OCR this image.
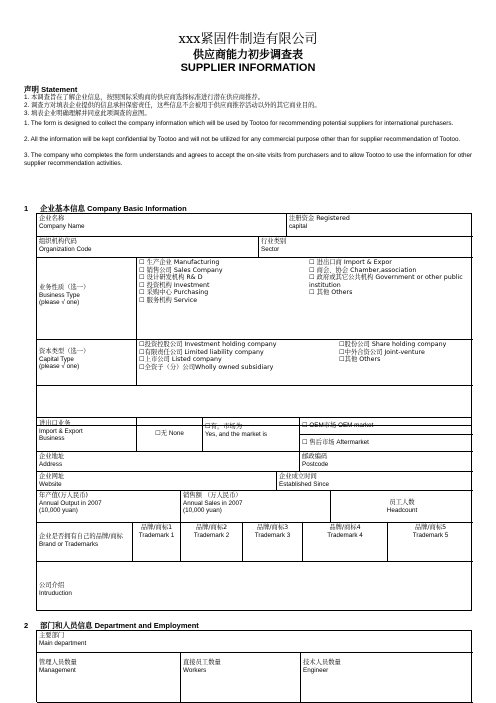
xxx紧固件制造有限公司
供应商能力初步调查表
SUPPLIER INFORMATION
声明 Statement
1. 本调查旨在了解企业信息，按照国际采购商的供应商选择标准进行潜在供应商推荐。
2. 调查方对填表企业提供的信息承担保密责任，这些信息不会被用于供应商推荐活动以外的其它商业目的。
3. 填表企业明确理解并同意此项调查的意图。
1. The form is designed to collect the company information which will be used by Tootoo for recommending potential suppliers for international purchasers.
2. All the information will be kept confidential by Tootoo and will not be utilized for any commercial purpose other than for supplier recommendation of Tootoo.
3. The company who completes the form understands and agrees to accept the on-site visits from purchasers and to allow Tootoo to use the information for other supplier recommendation activities.
1 企业基本信息 Company Basic Information
企业名称
Company Name
注册资金 Registered
capital
组织机构代码
Organization Code
行业类别
Sector
业务性质（选一）
Business Type
(please √ one)
☐ 生产企业 Manufacturing
☐ 销售公司 Sales Company
☐ 设计研发机构 R& D
☐ 投资机构 Investment
☐ 采购中心 Purchasing
☐ 服务机构 Service
☐ 进出口商 Import & Expor
☐ 商会、协会 Chamber,association
☐ 政府或其它公共机构 Government or other public institution
☐ 其他 Others
资本类型（选一）
Capital Type
(please √ one)
☐投资控股公司 Investment holding company
☐有限责任公司 Limited liability company
☐上市公司 Listed company
☐全资子（分）公司Wholly owned subsidiary
☐股份公司 Share holding company
☐中外合资公司 Joint-venture
☐其他 Others
进出口业务
Import & Export
Business
☐无 None
☐有，市场为
Yes, and the market is
☐ OEM市场 OEM market
☐ 售后市场 Aftermarket
企业地址
Address
邮政编码
Postcode
企业网址
Website
企业成立时间
Established Since
年产值(万人民币)
Annual Output in 2007
(10,000 yuan)
销售额 （万人民币）
Annual Sales in 2007
(10,000 yuan)
员工人数
Headcount
企业是否拥有自己的品牌/商标
Brand or Trademarks
品牌/商标1
Trademark 1
品牌/商标2
Trademark 2
品牌/商标3
Trademark 3
品牌/商标4
Trademark 4
品牌/商标5
Trademark 5
公司介绍
Intruduction
2 部门和人员信息 Department and Employment
主要部门
Main department
管理人员数量
Management
直接员工数量
Workers
技术人员数量
Engineer
